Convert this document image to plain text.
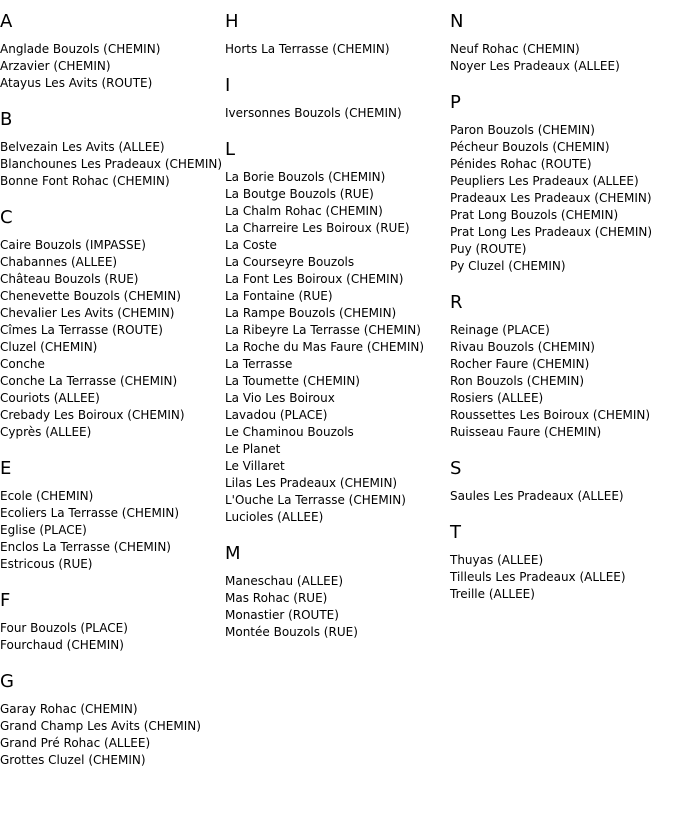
A
Anglade Bouzols (CHEMIN)
Arzavier (CHEMIN)
Atayus Les Avits (ROUTE)
B
Belvezain Les Avits (ALLEE)
Blanchounes Les Pradeaux (CHEMIN)
Bonne Font Rohac (CHEMIN)
C
Caire Bouzols (IMPASSE)
Chabannes (ALLEE)
Château Bouzols (RUE)
Chenevette Bouzols (CHEMIN)
Chevalier Les Avits (CHEMIN)
Cîmes La Terrasse (ROUTE)
Cluzel (CHEMIN)
Conche
Conche La Terrasse (CHEMIN)
Couriots (ALLEE)
Crebady Les Boiroux (CHEMIN)
Cyprès (ALLEE)
E
Ecole (CHEMIN)
Ecoliers La Terrasse (CHEMIN)
Eglise (PLACE)
Enclos La Terrasse (CHEMIN)
Estricous (RUE)
F
Four Bouzols (PLACE)
Fourchaud (CHEMIN)
G
Garay Rohac (CHEMIN)
Grand Champ Les Avits (CHEMIN)
Grand Pré Rohac (ALLEE)
Grottes Cluzel (CHEMIN)
H
Horts La Terrasse (CHEMIN)
I
Iversonnes Bouzols (CHEMIN)
L
La Borie Bouzols (CHEMIN)
La Boutge Bouzols (RUE)
La Chalm Rohac (CHEMIN)
La Charreire Les Boiroux (RUE)
La Coste
La Courseyre Bouzols
La Font Les Boiroux (CHEMIN)
La Fontaine (RUE)
La Rampe Bouzols (CHEMIN)
La Ribeyre La Terrasse (CHEMIN)
La Roche du Mas Faure (CHEMIN)
La Terrasse
La Toumette (CHEMIN)
La Vio Les Boiroux
Lavadou (PLACE)
Le Chaminou Bouzols
Le Planet
Le Villaret
Lilas Les Pradeaux (CHEMIN)
L'Ouche La Terrasse (CHEMIN)
Lucioles (ALLEE)
M
Maneschau (ALLEE)
Mas Rohac (RUE)
Monastier (ROUTE)
Montée Bouzols (RUE)
N
Neuf Rohac (CHEMIN)
Noyer Les Pradeaux (ALLEE)
P
Paron Bouzols (CHEMIN)
Pécheur Bouzols (CHEMIN)
Pénides Rohac (ROUTE)
Peupliers Les Pradeaux (ALLEE)
Pradeaux Les Pradeaux (CHEMIN)
Prat Long Bouzols (CHEMIN)
Prat Long Les Pradeaux (CHEMIN)
Puy (ROUTE)
Py Cluzel (CHEMIN)
R
Reinage (PLACE)
Rivau Bouzols (CHEMIN)
Rocher Faure (CHEMIN)
Ron Bouzols (CHEMIN)
Rosiers (ALLEE)
Roussettes Les Boiroux (CHEMIN)
Ruisseau Faure (CHEMIN)
S
Saules Les Pradeaux (ALLEE)
T
Thuyas (ALLEE)
Tilleuls Les Pradeaux (ALLEE)
Treille (ALLEE)
